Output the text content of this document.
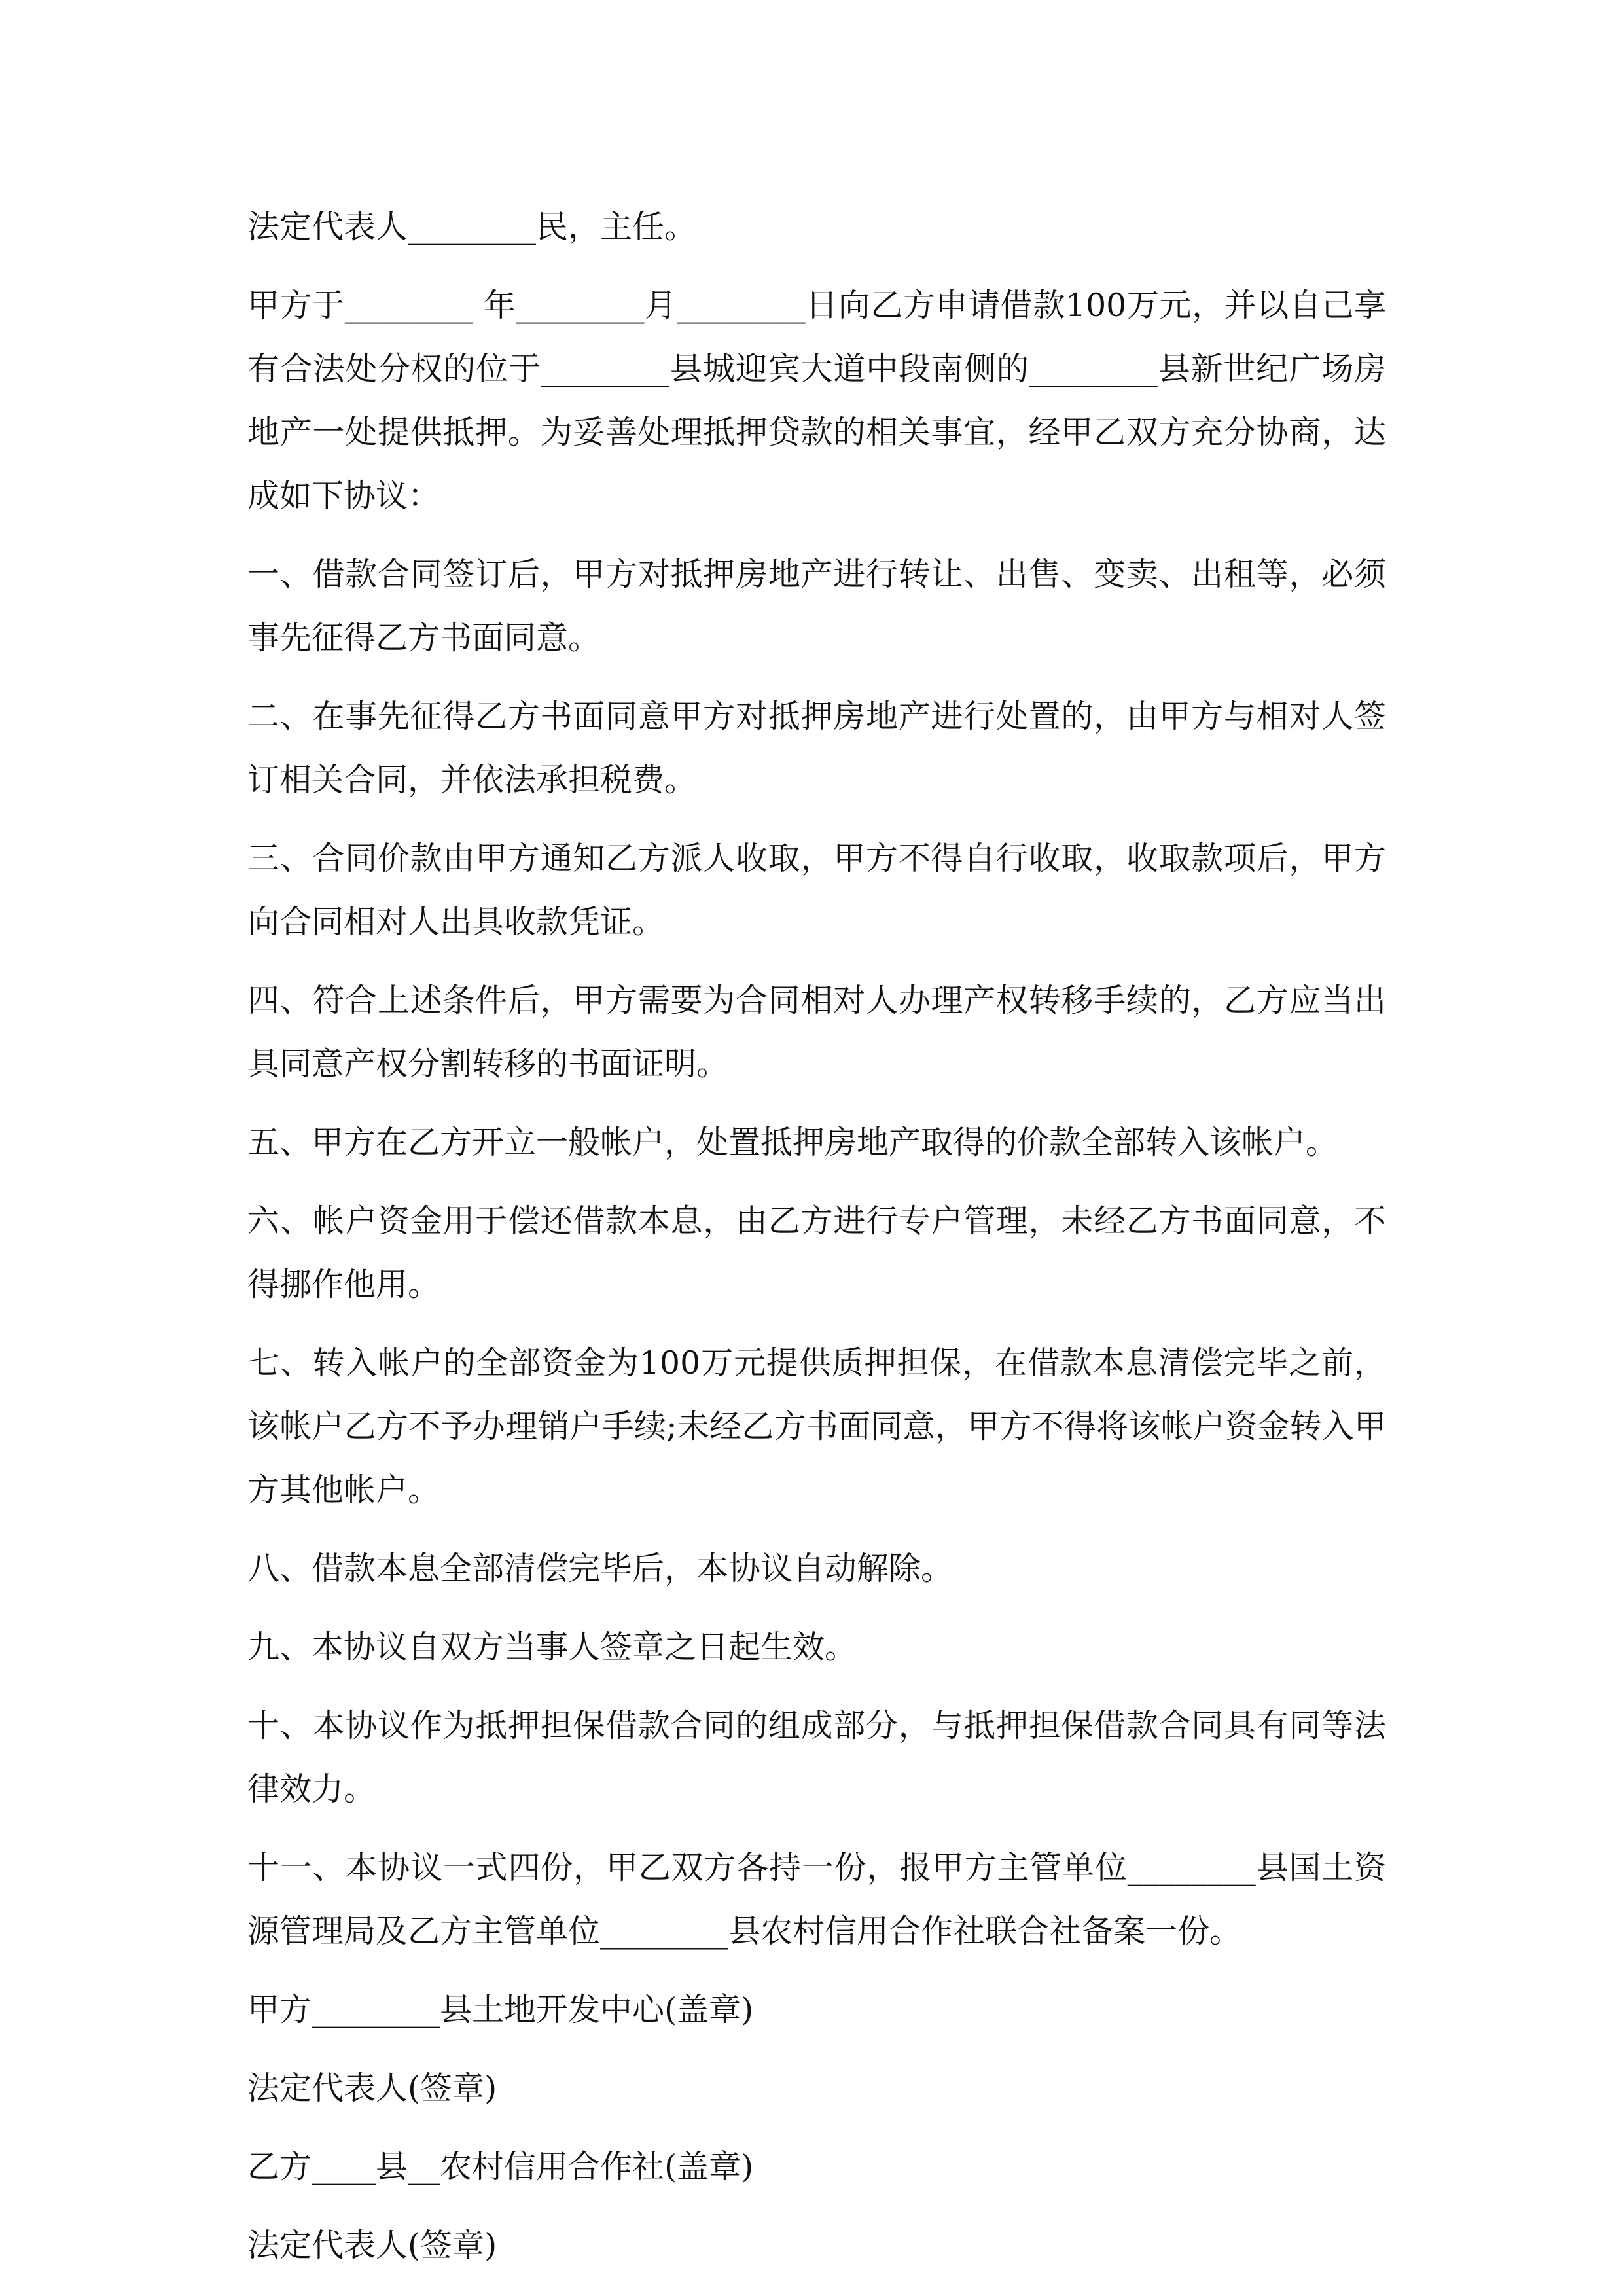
法定代表人________民，主任。

甲方于________ 年________月________日向乙方申请借款100万元，并以自己享有合法处分权的位于________县城迎宾大道中段南侧的________县新世纪广场房地产一处提供抵押。为妥善处理抵押贷款的相关事宜，经甲乙双方充分协商，达成如下协议：

一、借款合同签订后，甲方对抵押房地产进行转让、出售、变卖、出租等，必须事先征得乙方书面同意。

二、在事先征得乙方书面同意甲方对抵押房地产进行处置的，由甲方与相对人签订相关合同，并依法承担税费。

三、合同价款由甲方通知乙方派人收取，甲方不得自行收取，收取款项后，甲方向合同相对人出具收款凭证。

四、符合上述条件后，甲方需要为合同相对人办理产权转移手续的，乙方应当出具同意产权分割转移的书面证明。

五、甲方在乙方开立一般帐户，处置抵押房地产取得的价款全部转入该帐户。

六、帐户资金用于偿还借款本息，由乙方进行专户管理，未经乙方书面同意，不得挪作他用。

七、转入帐户的全部资金为100万元提供质押担保，在借款本息清偿完毕之前，该帐户乙方不予办理销户手续;未经乙方书面同意，甲方不得将该帐户资金转入甲方其他帐户。

八、借款本息全部清偿完毕后，本协议自动解除。

九、本协议自双方当事人签章之日起生效。

十、本协议作为抵押担保借款合同的组成部分，与抵押担保借款合同具有同等法律效力。

十一、本协议一式四份，甲乙双方各持一份，报甲方主管单位________县国土资源管理局及乙方主管单位________县农村信用合作社联合社备案一份。

甲方________县土地开发中心(盖章)

法定代表人(签章)

乙方____县__农村信用合作社(盖章)

法定代表人(签章)
